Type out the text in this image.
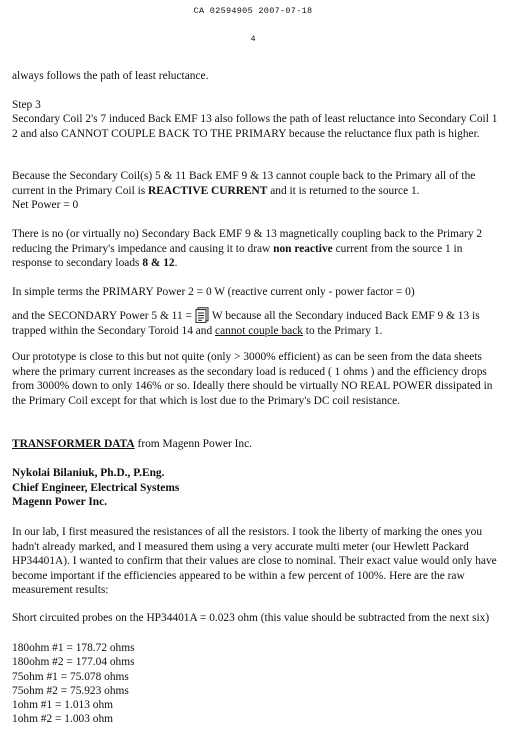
CA 02594905 2007-07-18
4

always follows the path of least reluctance.

Step 3

Secondary Coil 2's 7 induced Back EMF 13 also follows the path of least reluctance into Secondary Coil 1 2 and also CANNOT COUPLE BACK TO THE PRIMARY because the reluctance flux path is higher.

Because the Secondary Coil(s) 5 & 11 Back EMF 9 & 13 cannot couple back to the Primary all of the current in the Primary Coil is REACTIVE CURRENT and it is returned to the source 1.
Net Power = 0

There is no (or virtually no) Secondary Back EMF 9 & 13 magnetically coupling back to the Primary 2 reducing the Primary's impedance and causing it to draw non reactive current from the source 1 in response to secondary loads 8 & 12.

In simple terms the PRIMARY Power 2 = 0 W (reactive current only - power factor = 0)

and the SECONDARY Power 5 & 11 = W because all the Secondary induced Back EMF 9 & 13 is trapped within the Secondary Toroid 14 and cannot couple back to the Primary 1.

Our prototype is close to this but not quite (only > 3000% efficient) as can be seen from the data sheets where the primary current increases as the secondary load is reduced ( 1 ohms ) and the efficiency drops from 3000% down to only 146% or so. Ideally there should be virtually NO REAL POWER dissipated in the Primary Coil except for that which is lost due to the Primary's DC coil resistance.

TRANSFORMER DATA from Magenn Power Inc.

Nykolai Bilaniuk, Ph.D., P.Eng.
Chief Engineer, Electrical Systems
Magenn Power Inc.

In our lab, I first measured the resistances of all the resistors. I took the liberty of marking the ones you hadn't already marked, and I measured them using a very accurate multi meter (our Hewlett Packard HP34401A). I wanted to confirm that their values are close to nominal. Their exact value would only have become important if the efficiencies appeared to be within a few percent of 100%. Here are the raw measurement results:

Short circuited probes on the HP34401A = 0.023 ohm (this value should be subtracted from the next six)

180ohm #1 = 178.72 ohms
180ohm #2 = 177.04 ohms
75ohm #1 = 75.078 ohms
75ohm #2 = 75.923 ohms
1ohm #1 = 1.013 ohm
1ohm #2 = 1.003 ohm
